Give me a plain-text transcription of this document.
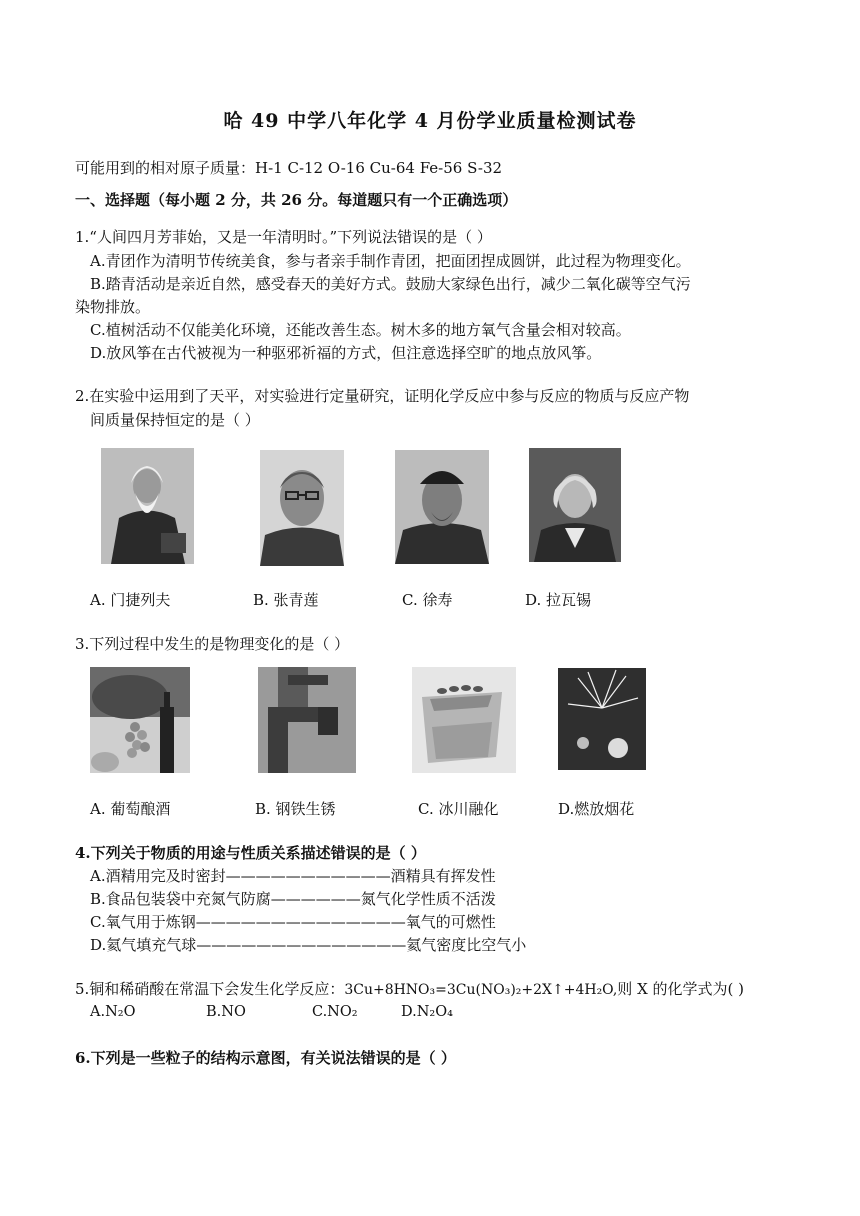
哈 49 中学八年化学 4 月份学业质量检测试卷
可能用到的相对原子质量：H-1 C-12 O-16 Cu-64 Fe-56 S-32
一、选择题（每小题 2 分，共 26 分。每道题只有一个正确选项）
1.“人间四月芳菲始，又是一年清明时。”下列说法错误的是（ ）
A.青团作为清明节传统美食，参与者亲手制作青团，把面团捏成圆饼，此过程为物理变化。
B.踏青活动是亲近自然，感受春天的美好方式。鼓励大家绿色出行，减少二氧化碳等空气污
染物排放。
C.植树活动不仅能美化环境，还能改善生态。树木多的地方氧气含量会相对较高。
D.放风筝在古代被视为一种驱邪祈福的方式，但注意选择空旷的地点放风筝。
2.在实验中运用到了天平，对实验进行定量研究，证明化学反应中参与反应的物质与反应产物
间质量保持恒定的是（ ）
A. 门捷列夫	B. 张青莲	C. 徐寿	D. 拉瓦锡
3.下列过程中发生的是物理变化的是（ ）
A. 葡萄酿酒	B. 钢铁生锈	C. 冰川融化	D.燃放烟花
4.下列关于物质的用途与性质关系描述错误的是（ ）
A.酒精用完及时密封———————————酒精具有挥发性
B.食品包装袋中充氮气防腐——————氮气化学性质不活泼
C.氧气用于炼钢——————————————氧气的可燃性
D.氦气填充气球——————————————氦气密度比空气小
5.铜和稀硝酸在常温下会发生化学反应：3Cu+8HNO₃=3Cu(NO₃)₂+2X↑+4H₂O,则 X 的化学式为( )
A.N₂O	B.NO	C.NO₂	D.N₂O₄
6.下列是一些粒子的结构示意图，有关说法错误的是（ ）
